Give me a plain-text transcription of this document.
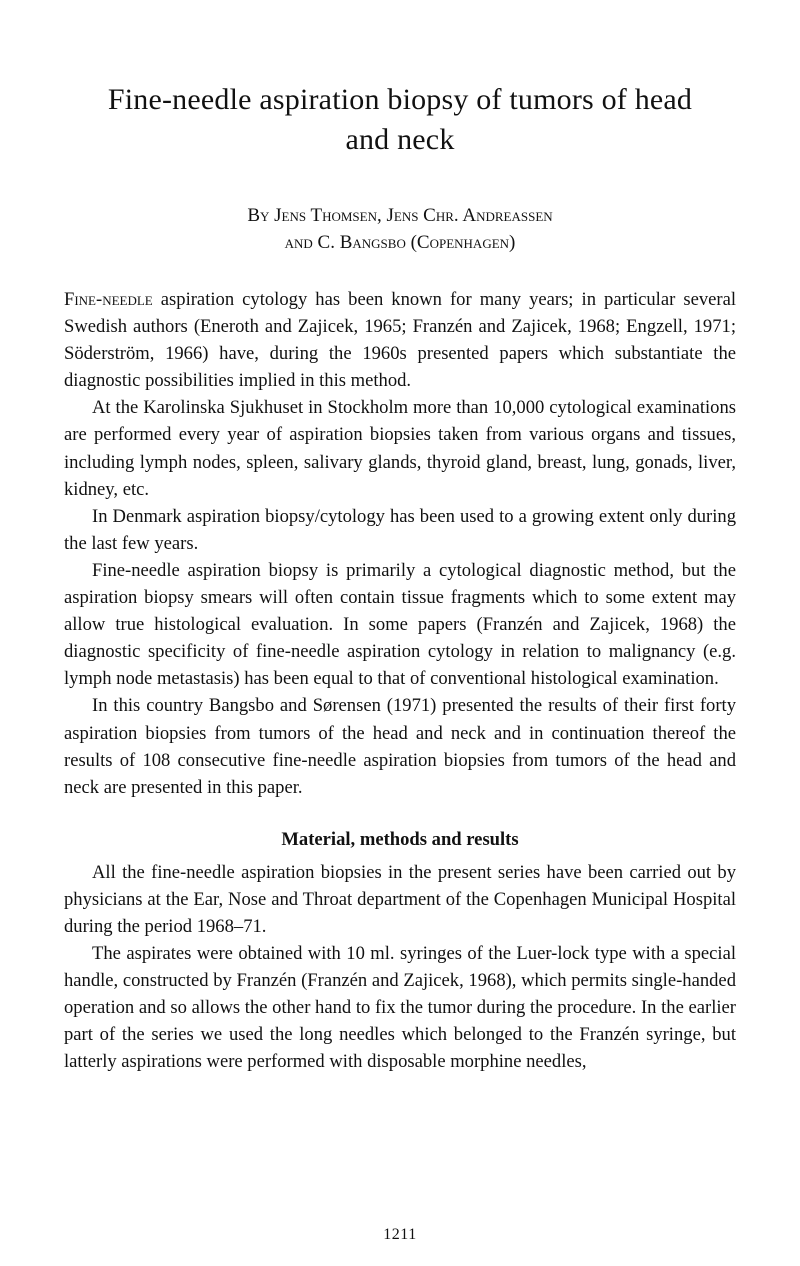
Fine-needle aspiration biopsy of tumors of head
and neck
By Jens Thomsen, Jens Chr. Andreassen
and C. Bangsbo (Copenhagen)

Fine-needle aspiration cytology has been known for many years; in particular several Swedish authors (Eneroth and Zajicek, 1965; Franzén and Zajicek, 1968; Engzell, 1971; Söderström, 1966) have, during the 1960s presented papers which substantiate the diagnostic possibilities implied in this method.

At the Karolinska Sjukhuset in Stockholm more than 10,000 cytological examinations are performed every year of aspiration biopsies taken from various organs and tissues, including lymph nodes, spleen, salivary glands, thyroid gland, breast, lung, gonads, liver, kidney, etc.

In Denmark aspiration biopsy/cytology has been used to a growing extent only during the last few years.

Fine-needle aspiration biopsy is primarily a cytological diagnostic method, but the aspiration biopsy smears will often contain tissue fragments which to some extent may allow true histological evaluation. In some papers (Franzén and Zajicek, 1968) the diagnostic specificity of fine-needle aspiration cytology in relation to malignancy (e.g. lymph node metastasis) has been equal to that of conventional histological examination.

In this country Bangsbo and Sørensen (1971) presented the results of their first forty aspiration biopsies from tumors of the head and neck and in continuation thereof the results of 108 consecutive fine-needle aspiration biopsies from tumors of the head and neck are presented in this paper.

Material, methods and results

All the fine-needle aspiration biopsies in the present series have been carried out by physicians at the Ear, Nose and Throat department of the Copenhagen Municipal Hospital during the period 1968–71.

The aspirates were obtained with 10 ml. syringes of the Luer-lock type with a special handle, constructed by Franzén (Franzén and Zajicek, 1968), which permits single-handed operation and so allows the other hand to fix the tumor during the procedure. In the earlier part of the series we used the long needles which belonged to the Franzén syringe, but latterly aspirations were performed with disposable morphine needles,

1211
